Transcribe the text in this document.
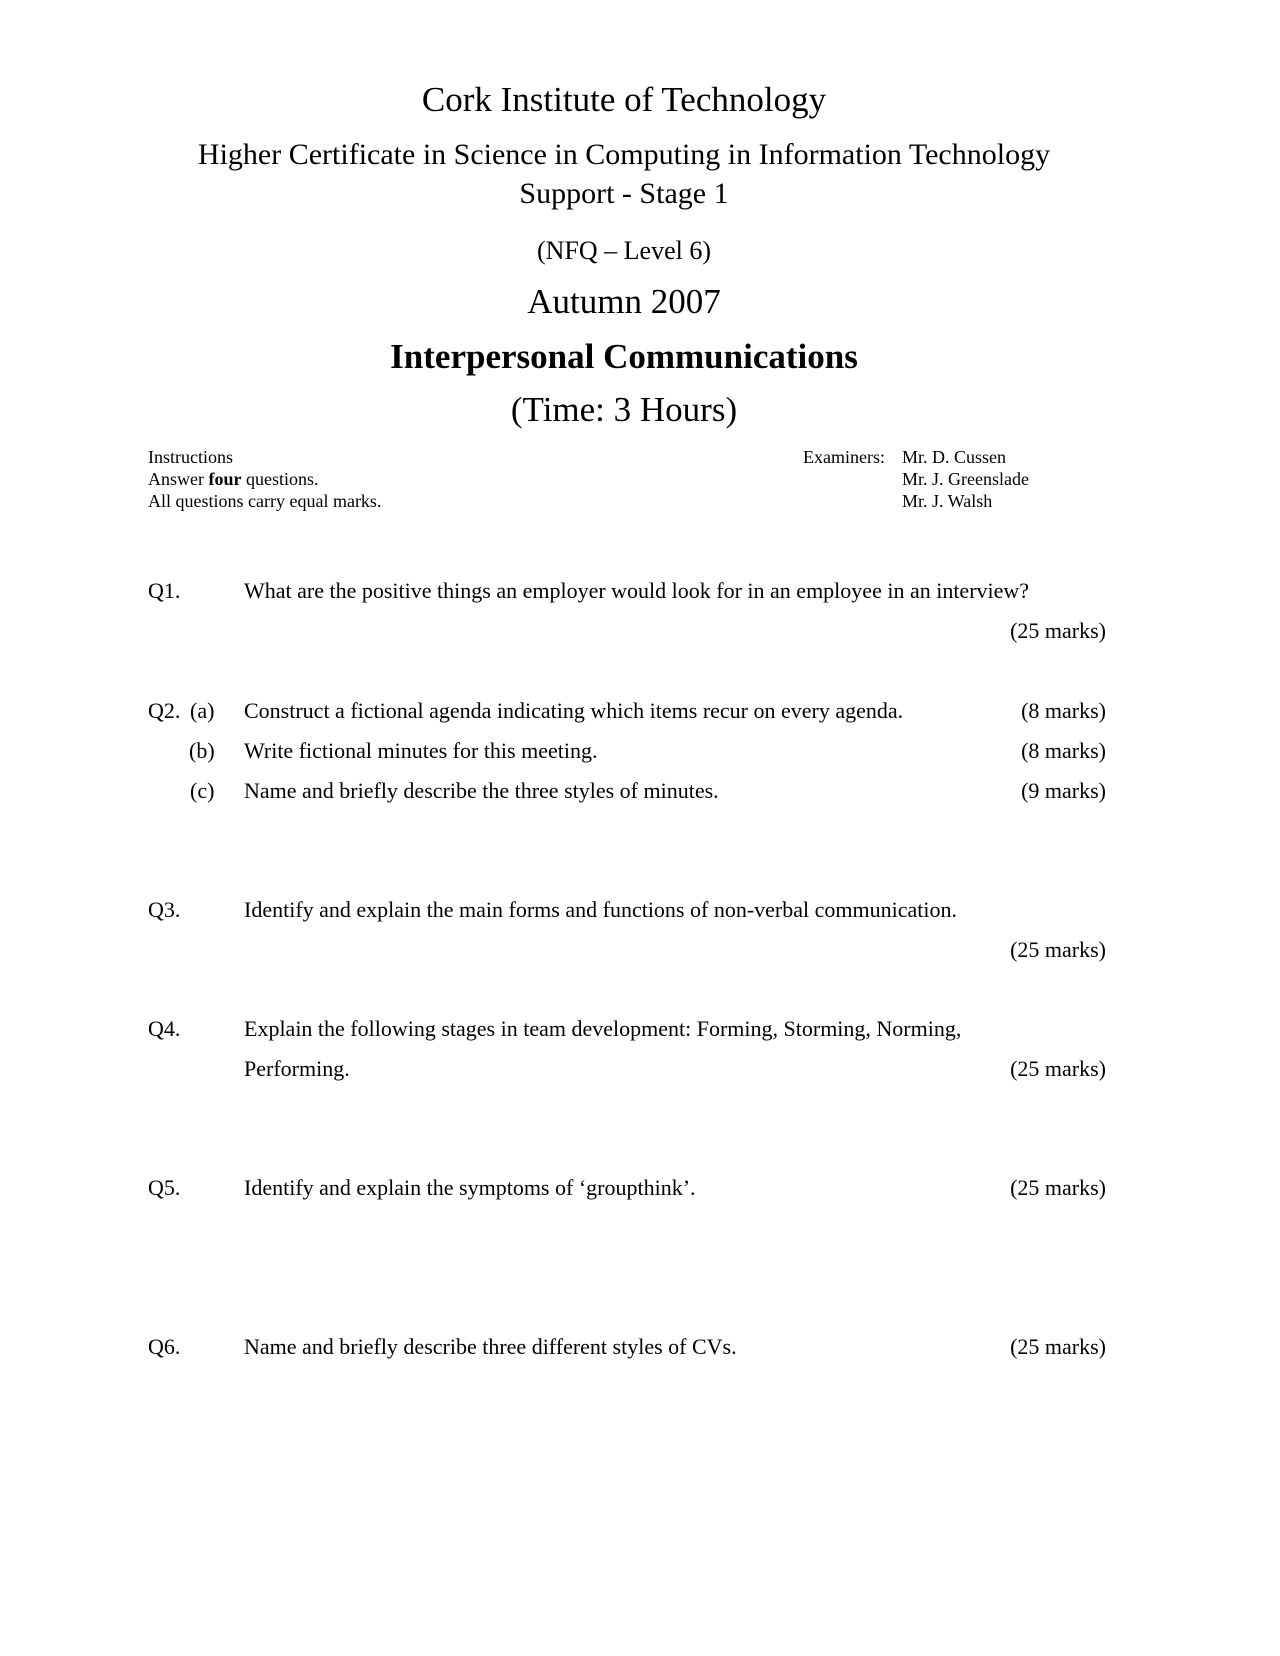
Cork Institute of Technology
Higher Certificate in Science in Computing in Information Technology
Support - Stage 1
(NFQ – Level 6)
Autumn 2007
Interpersonal Communications
(Time: 3 Hours)
Instructions
Answer four questions.
All questions carry equal marks.
Examiners: Mr. D. Cussen
Mr. J. Greenslade
Mr. J. Walsh
Q1.	What are the positive things an employer would look for in an employee in an interview?
(25 marks)
Q2. (a) Construct a fictional agenda indicating which items recur on every agenda.	(8 marks)
(b) Write fictional minutes for this meeting.	(8 marks)
(c) Name and briefly describe the three styles of minutes.	(9 marks)
Q3.	Identify and explain the main forms and functions of non-verbal communication.
(25 marks)
Q4.	Explain the following stages in team development: Forming, Storming, Norming,
Performing.	(25 marks)
Q5.	Identify and explain the symptoms of ‘groupthink’.	(25 marks)
Q6.	Name and briefly describe three different styles of CVs.	(25 marks)
